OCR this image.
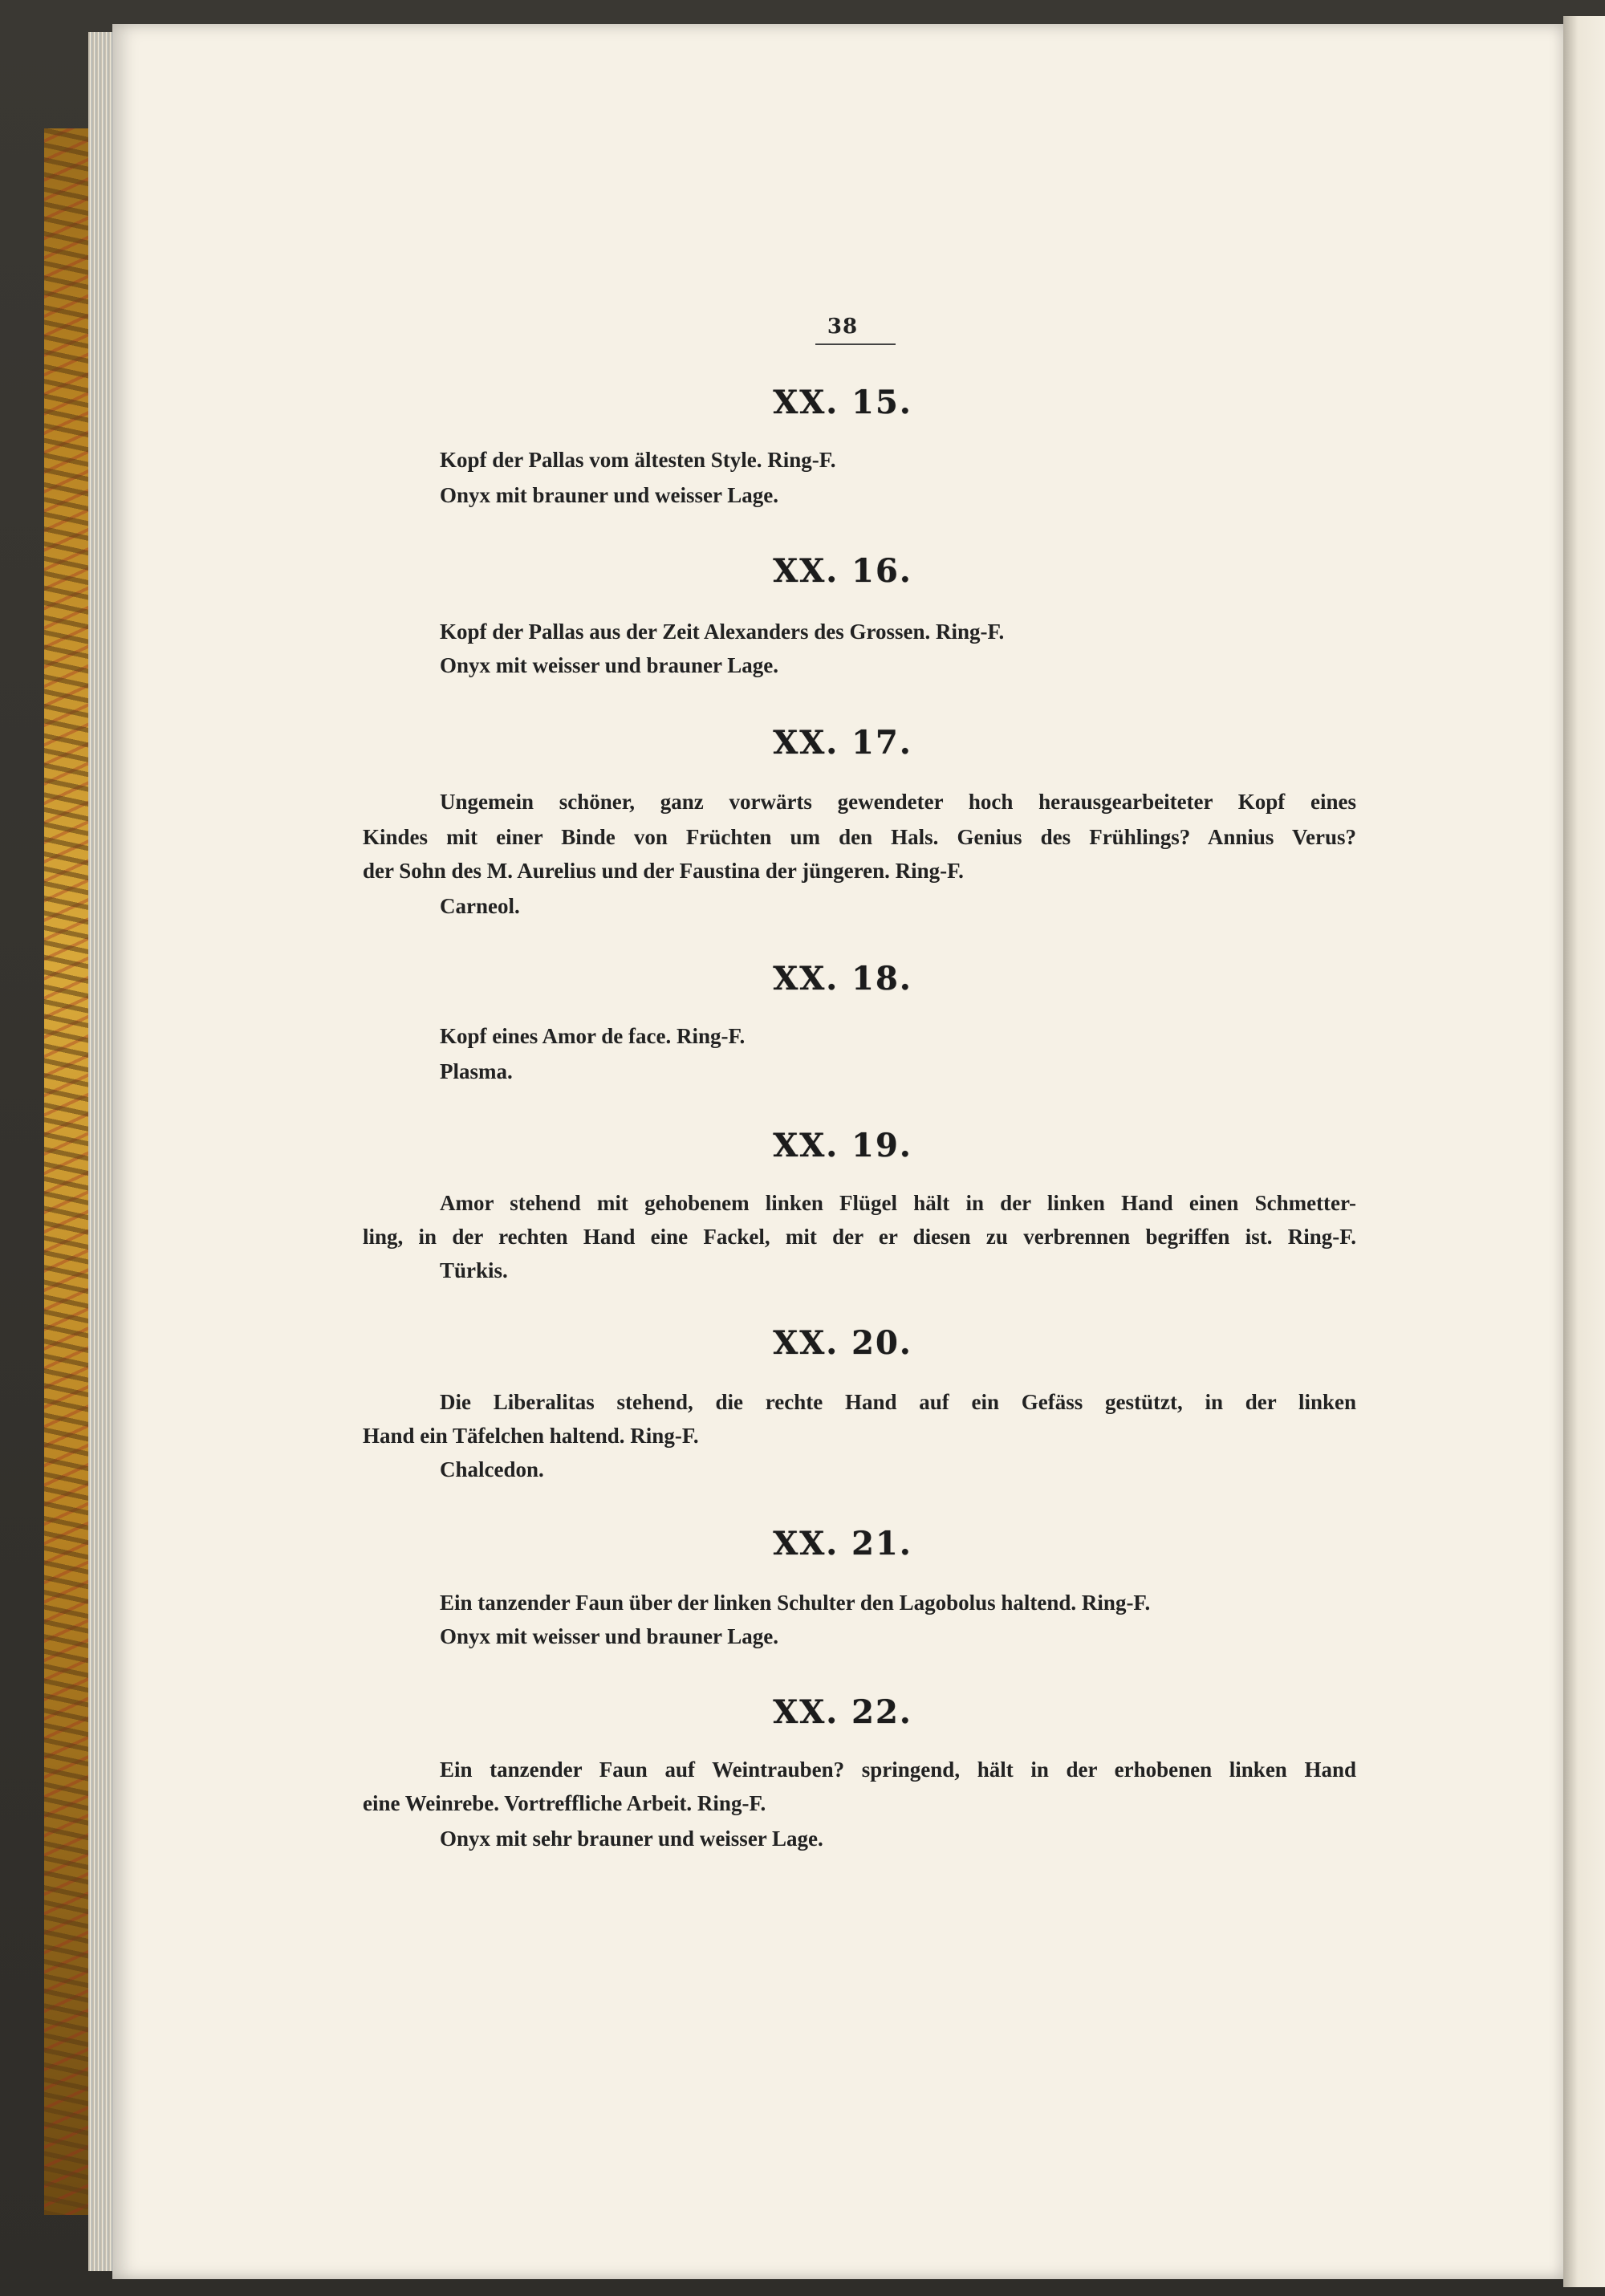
38
XX. 15.
Kopf der Pallas vom ältesten Style. Ring-F.
Onyx mit brauner und weisser Lage.
XX. 16.
Kopf der Pallas aus der Zeit Alexanders des Grossen. Ring-F.
Onyx mit weisser und brauner Lage.
XX. 17.
Ungemein schöner, ganz vorwärts gewendeter hoch herausgearbeiteter Kopf eines
Kindes mit einer Binde von Früchten um den Hals. Genius des Frühlings? Annius Verus?
der Sohn des M. Aurelius und der Faustina der jüngeren. Ring-F.
Carneol.
XX. 18.
Kopf eines Amor de face. Ring-F.
Plasma.
XX. 19.
Amor stehend mit gehobenem linken Flügel hält in der linken Hand einen Schmetter-
ling, in der rechten Hand eine Fackel, mit der er diesen zu verbrennen begriffen ist. Ring-F.
Türkis.
XX. 20.
Die Liberalitas stehend, die rechte Hand auf ein Gefäss gestützt, in der linken
Hand ein Täfelchen haltend. Ring-F.
Chalcedon.
XX. 21.
Ein tanzender Faun über der linken Schulter den Lagobolus haltend. Ring-F.
Onyx mit weisser und brauner Lage.
XX. 22.
Ein tanzender Faun auf Weintrauben? springend, hält in der erhobenen linken Hand
eine Weinrebe. Vortreffliche Arbeit. Ring-F.
Onyx mit sehr brauner und weisser Lage.
